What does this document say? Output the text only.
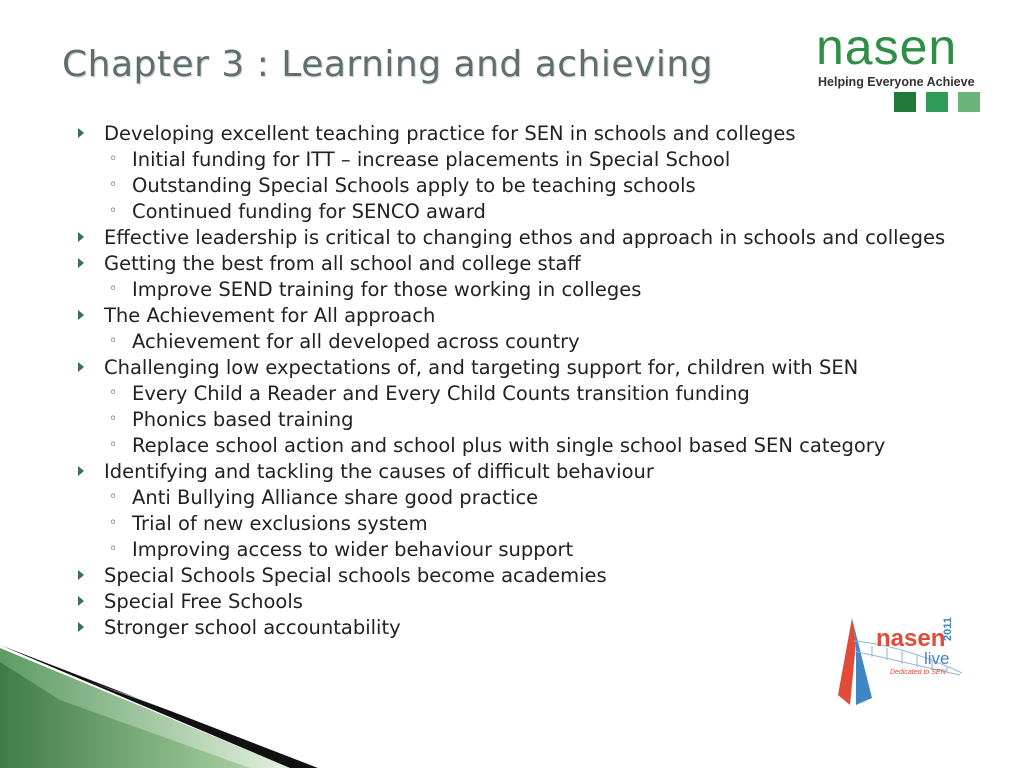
Chapter 3 : Learning and achieving nasen
Helping Everyone Achieve
Developing excellent teaching practice for SEN in schools and colleges
◦ Initial funding for ITT – increase placements in Special School
◦ Outstanding Special Schools apply to be teaching schools
◦ Continued funding for SENCO award
Effective leadership is critical to changing ethos and approach in schools and colleges
Getting the best from all school and college staff
◦ Improve SEND training for those working in colleges
The Achievement for All approach
◦ Achievement for all developed across country
Challenging low expectations of, and targeting support for, children with SEN
◦ Every Child a Reader and Every Child Counts transition funding
◦ Phonics based training
◦ Replace school action and school plus with single school based SEN category
Identifying and tackling the causes of difficult behaviour
◦ Anti Bullying Alliance share good practice
◦ Trial of new exclusions system
◦ Improving access to wider behaviour support
Special Schools Special schools become academies
Special Free Schools
Stronger school accountability	nasen
live
2011
Dedicated to SEN
